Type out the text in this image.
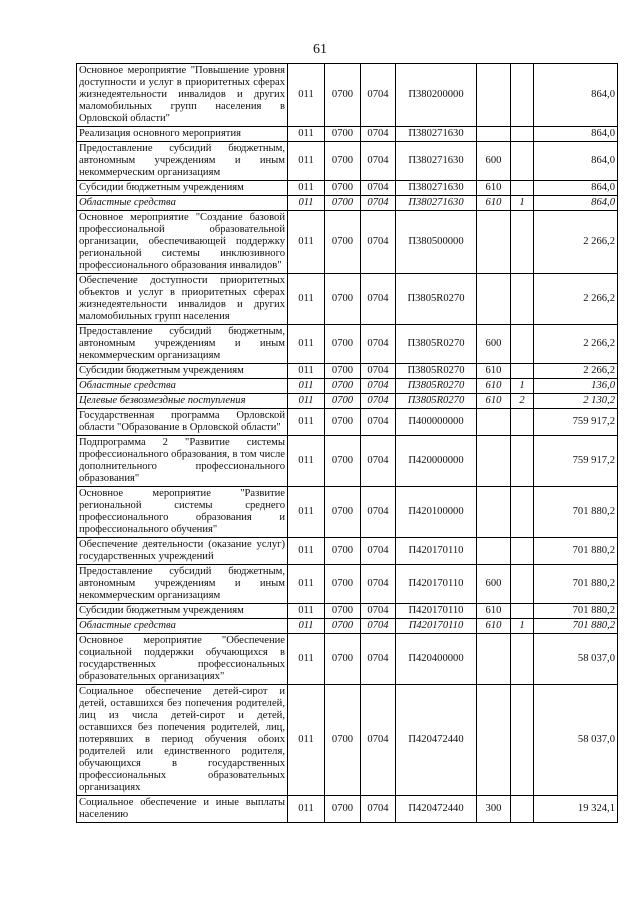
61
Основное мероприятие "Повышение уровня доступности и услуг в приоритетных сферах жизнедеятельности инвалидов и других маломобильных групп населения в Орловской области"	011	0700	0704	П380200000			864,0
Реализация основного мероприятия	011	0700	0704	П380271630			864,0
Предоставление субсидий бюджетным, автономным учреждениям и иным некоммерческим организациям	011	0700	0704	П380271630	600		864,0
Субсидии бюджетным учреждениям	011	0700	0704	П380271630	610		864,0
Областные средства	011	0700	0704	П380271630	610	1	864,0
Основное мероприятие "Создание базовой профессиональной образовательной организации, обеспечивающей поддержку региональной системы инклюзивного профессионального образования инвалидов"	011	0700	0704	П380500000			2 266,2
Обеспечение доступности приоритетных объектов и услуг в приоритетных сферах жизнедеятельности инвалидов и других маломобильных групп населения	011	0700	0704	П3805R0270			2 266,2
Предоставление субсидий бюджетным, автономным учреждениям и иным некоммерческим организациям	011	0700	0704	П3805R0270	600		2 266,2
Субсидии бюджетным учреждениям	011	0700	0704	П3805R0270	610		2 266,2
Областные средства	011	0700	0704	П3805R0270	610	1	136,0
Целевые безвозмездные поступления	011	0700	0704	П3805R0270	610	2	2 130,2
Государственная программа Орловской области "Образование в Орловской области"	011	0700	0704	П400000000			759 917,2
Подпрограмма 2 "Развитие системы профессионального образования, в том числе дополнительного профессионального образования"	011	0700	0704	П420000000			759 917,2
Основное мероприятие "Развитие региональной системы среднего профессионального образования и профессионального обучения"	011	0700	0704	П420100000			701 880,2
Обеспечение деятельности (оказание услуг) государственных учреждений	011	0700	0704	П420170110			701 880,2
Предоставление субсидий бюджетным, автономным учреждениям и иным некоммерческим организациям	011	0700	0704	П420170110	600		701 880,2
Субсидии бюджетным учреждениям	011	0700	0704	П420170110	610		701 880,2
Областные средства	011	0700	0704	П420170110	610	1	701 880,2
Основное мероприятие "Обеспечение социальной поддержки обучающихся в государственных профессиональных образовательных организациях"	011	0700	0704	П420400000			58 037,0
Социальное обеспечение детей-сирот и детей, оставшихся без попечения родителей, лиц из числа детей-сирот и детей, оставшихся без попечения родителей, лиц, потерявших в период обучения обоих родителей или единственного родителя, обучающихся в государственных профессиональных образовательных организациях	011	0700	0704	П420472440			58 037,0
Социальное обеспечение и иные выплаты населению	011	0700	0704	П420472440	300		19 324,1
